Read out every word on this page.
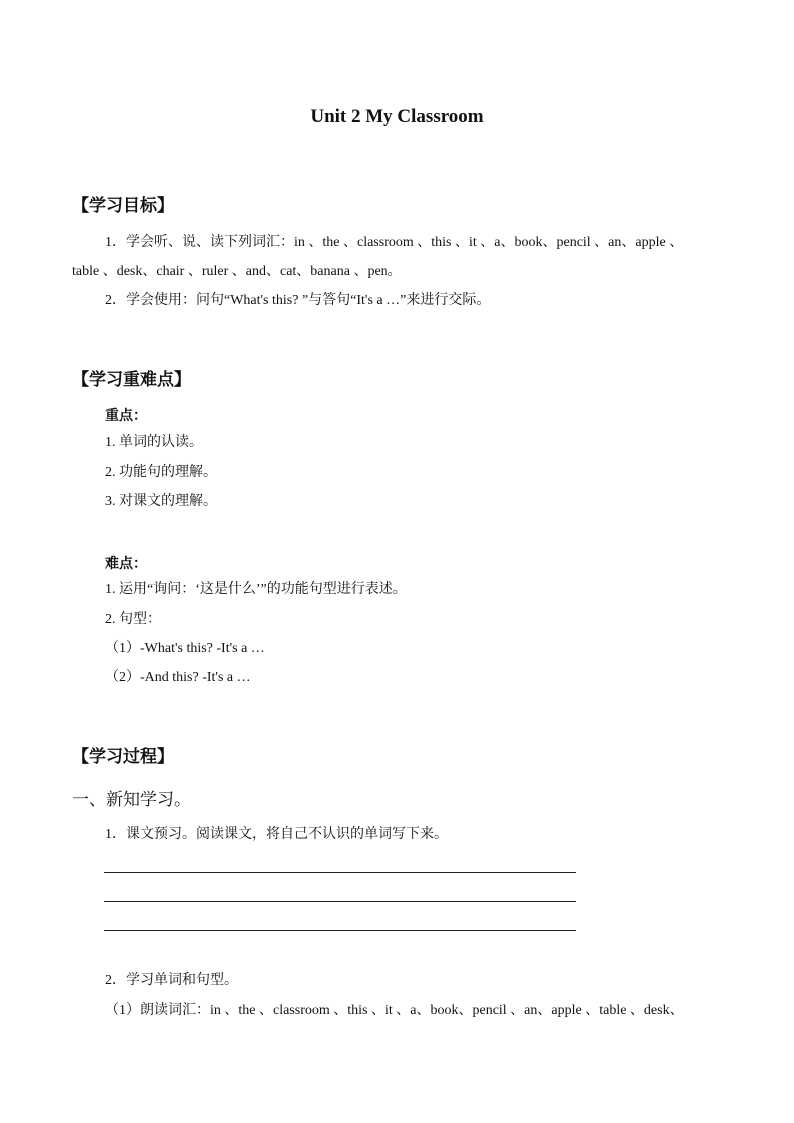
Unit 2 My Classroom
【学习目标】
1．学会听、说、读下列词汇：in 、the 、classroom 、this 、it 、a、book、pencil 、an、apple 、
table 、desk、chair 、ruler 、and、cat、banana 、pen。
2．学会使用：问句“What's this? ”与答句“It's a …”来进行交际。
【学习重难点】
重点：
1. 单词的认读。
2. 功能句的理解。
3. 对课文的理解。
难点：
1. 运用“询问：‘这是什么’”的功能句型进行表述。
2. 句型：
（1）-What's this? -It's a …
（2）-And this? -It's a …
【学习过程】
一、新知学习。
1．课文预习。阅读课文，将自己不认识的单词写下来。
2．学习单词和句型。
（1）朗读词汇：in 、the 、classroom 、this 、it 、a、book、pencil 、an、apple 、table 、desk、
